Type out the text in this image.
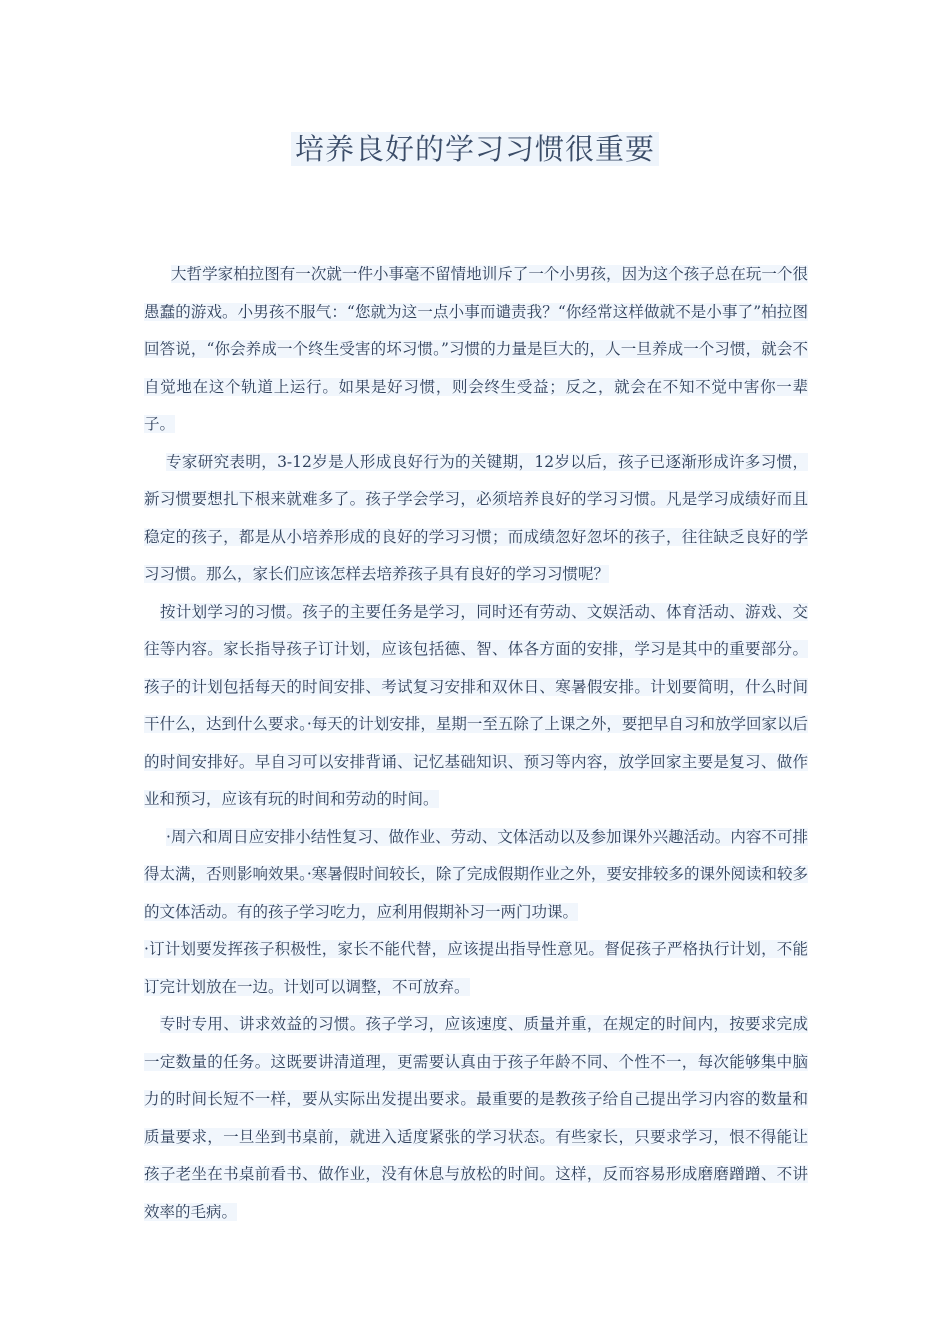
培养良好的学习习惯很重要

大哲学家柏拉图有一次就一件小事毫不留情地训斥了一个小男孩，因为这个孩子总在玩一个很愚蠢的游戏。小男孩不服气：“您就为这一点小事而谴责我？“你经常这样做就不是小事了”柏拉图回答说，“你会养成一个终生受害的坏习惯。”习惯的力量是巨大的，人一旦养成一个习惯，就会不自觉地在这个轨道上运行。如果是好习惯，则会终生受益；反之，就会在不知不觉中害你一辈子。

专家研究表明，3-12岁是人形成良好行为的关键期，12岁以后，孩子已逐渐形成许多习惯，新习惯要想扎下根来就难多了。孩子学会学习，必须培养良好的学习习惯。凡是学习成绩好而且稳定的孩子，都是从小培养形成的良好的学习习惯；而成绩忽好忽坏的孩子，往往缺乏良好的学习习惯。那么，家长们应该怎样去培养孩子具有良好的学习习惯呢？

按计划学习的习惯。孩子的主要任务是学习，同时还有劳动、文娱活动、体育活动、游戏、交往等内容。家长指导孩子订计划，应该包括德、智、体各方面的安排，学习是其中的重要部分。孩子的计划包括每天的时间安排、考试复习安排和双休日、寒暑假安排。计划要简明，什么时间干什么，达到什么要求。·每天的计划安排，星期一至五除了上课之外，要把早自习和放学回家以后的时间安排好。早自习可以安排背诵、记忆基础知识、预习等内容，放学回家主要是复习、做作业和预习，应该有玩的时间和劳动的时间。

·周六和周日应安排小结性复习、做作业、劳动、文体活动以及参加课外兴趣活动。内容不可排得太满，否则影响效果。·寒暑假时间较长，除了完成假期作业之外，要安排较多的课外阅读和较多的文体活动。有的孩子学习吃力，应利用假期补习一两门功课。

·订计划要发挥孩子积极性，家长不能代替，应该提出指导性意见。督促孩子严格执行计划，不能订完计划放在一边。计划可以调整，不可放弃。

专时专用、讲求效益的习惯。孩子学习，应该速度、质量并重，在规定的时间内，按要求完成一定数量的任务。这既要讲清道理，更需要认真由于孩子年龄不同、个性不一，每次能够集中脑力的时间长短不一样，要从实际出发提出要求。最重要的是教孩子给自己提出学习内容的数量和质量要求，一旦坐到书桌前，就进入适度紧张的学习状态。有些家长，只要求学习，恨不得能让孩子老坐在书桌前看书、做作业，没有休息与放松的时间。这样，反而容易形成磨磨蹭蹭、不讲效率的毛病。
